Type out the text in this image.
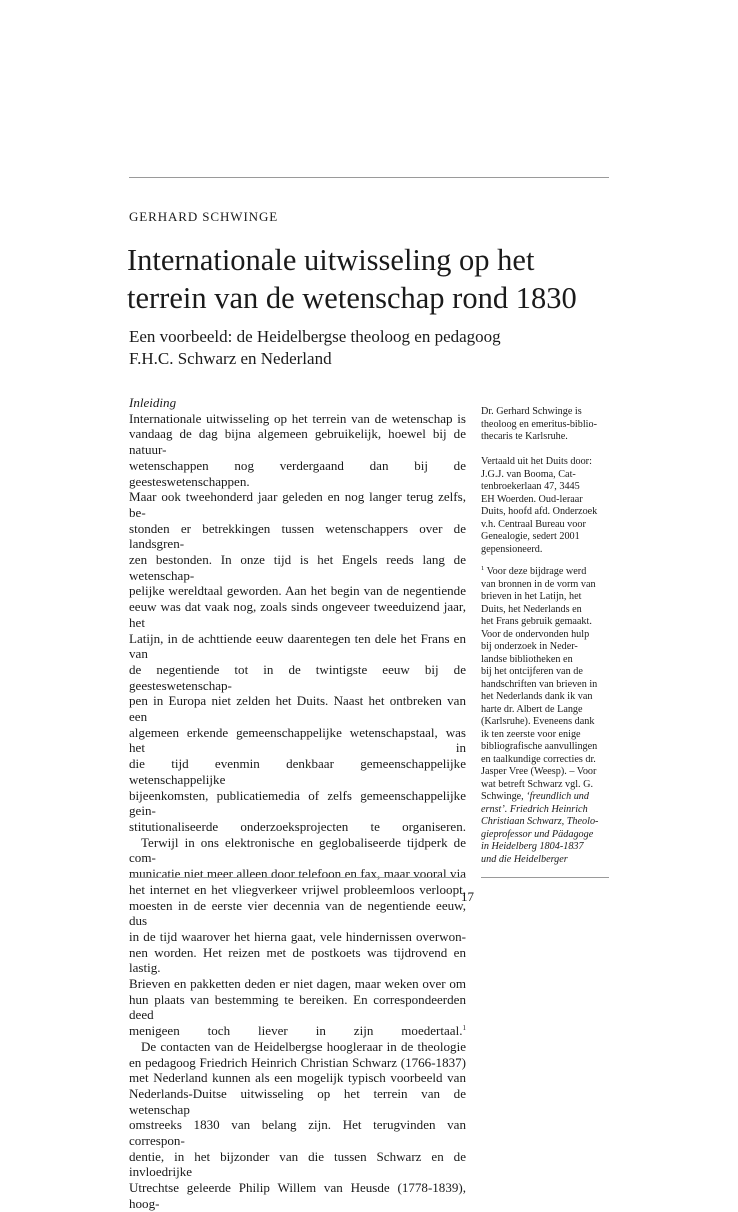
GERHARD SCHWINGE
Internationale uitwisseling op het
terrein van de wetenschap rond 1830
Een voorbeeld: de Heidelbergse theoloog en pedagoog
F.H.C. Schwarz en Nederland
Inleiding

Internationale uitwisseling op het terrein van de wetenschap is
vandaag de dag bijna algemeen gebruikelijk, hoewel bij de natuur-
wetenschappen nog verdergaand dan bij de geesteswetenschappen.
Maar ook tweehonderd jaar geleden en nog langer terug zelfs, be-
stonden er betrekkingen tussen wetenschappers over de landsgren-
zen bestonden. In onze tijd is het Engels reeds lang de wetenschap-
pelijke wereldtaal geworden. Aan het begin van de negentiende
eeuw was dat vaak nog, zoals sinds ongeveer tweeduizend jaar, het
Latijn, in de achttiende eeuw daarentegen ten dele het Frans en van
de negentiende tot in de twintigste eeuw bij de geesteswetenschap-
pen in Europa niet zelden het Duits. Naast het ontbreken van een
algemeen erkende gemeenschappelijke wetenschapstaal, was het in
die tijd evenmin denkbaar gemeenschappelijke wetenschappelijke
bijeenkomsten, publicatiemedia of zelfs gemeenschappelijke gein-
stitutionaliseerde onderzoeksprojecten te organiseren.

Terwijl in ons elektronische en geglobaliseerde tijdperk de com-
municatie niet meer alleen door telefoon en fax, maar vooral via
het internet en het vliegverkeer vrijwel probleemloos verloopt,
moesten in de eerste vier decennia van de negentiende eeuw, dus
in de tijd waarover het hierna gaat, vele hindernissen overwon-
nen worden. Het reizen met de postkoets was tijdrovend en lastig.
Brieven en pakketten deden er niet dagen, maar weken over om
hun plaats van bestemming te bereiken. En correspondeerden deed
menigeen toch liever in zijn moedertaal.$^1$

De contacten van de Heidelbergse hoogleraar in de theologie
en pedagoog Friedrich Heinrich Christian Schwarz (1766-1837)
met Nederland kunnen als een mogelijk typisch voorbeeld van
Nederlands-Duitse uitwisseling op het terrein van de wetenschap
omstreeks 1830 van belang zijn. Het terugvinden van correspon-
dentie, in het bijzonder van die tussen Schwarz en de invloedrijke
Utrechtse geleerde Philip Willem van Heusde (1778-1839), hoog-

Dr. Gerhard Schwinge is
theoloog en emeritus-biblio-
thecaris te Karlsruhe.

Vertaald uit het Duits door:
J.G.J. van Booma, Cat-
tenbroekerlaan 47, 3445
EH Woerden. Oud-leraar
Duits, hoofd afd. Onderzoek
v.h. Centraal Bureau voor
Genealogie, sedert 2001
gepensioneerd.

$^1$ Voor deze bijdrage werd
van bronnen in de vorm van
brieven in het Latijn, het
Duits, het Nederlands en
het Frans gebruik gemaakt.
Voor de ondervonden hulp
bij onderzoek in Neder-
landse bibliotheken en
bij het ontcijferen van de
handschriften van brieven in
het Nederlands dank ik van
harte dr. Albert de Lange
(Karlsruhe). Eveneens dank
ik ten zeerste voor enige
bibliografische aanvullingen
en taalkundige correcties dr.
Jasper Vree (Weesp). – Voor
wat betreft Schwarz vgl. G.
Schwinge, ‘freundlich und
ernst’. Friedrich Heinrich
Christiaan Schwarz, Theolo-
gieprofessor und Pädagoge
in Heidelberg 1804-1837
und die Heidelberger

17
